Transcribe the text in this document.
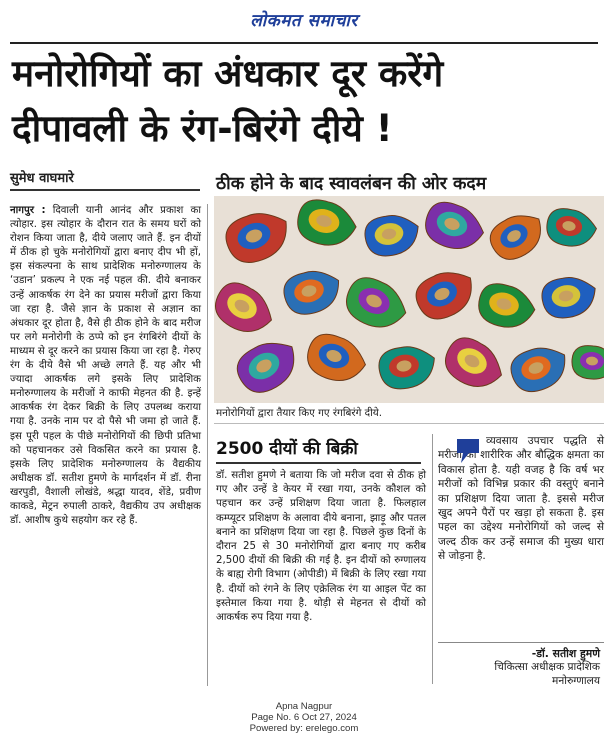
लोकमत समाचार
मनोरोगियों का अंधकार दूर करेंगे
दीपावली के रंग-बिरंगे दीये !
सुमेध वाघमारे
नागपुर : दिवाली यानी आनंद और प्रकाश का त्योहार. इस त्योहार के दौरान रात के समय घरों को रोशन किया जाता है, दीये जलाए जाते हैं. इन दीयों में ठीक हो चुके मनोरोगियों द्वारा बनाए दीप भी हों, इस संकल्पना के साथ प्रादेशिक मनोरुग्णालय के ‘उडान’ प्रकल्प ने एक नई पहल की. दीये बनाकर उन्हें आकर्षक रंग देने का प्रयास मरीजों द्वारा किया जा रहा है. जैसे ज्ञान के प्रकाश से अज्ञान का अंधकार दूर होता है, वैसे ही ठीक होने के बाद मरीज पर लगे मनोरोगी के ठप्पे को इन रंगबिरंगे दीयों के माध्यम से दूर करने का प्रयास किया जा रहा है. गेरुए रंग के दीये वैसे भी अच्छे लगते हैं. यह और भी ज्यादा आकर्षक लगे इसके लिए प्रादेशिक मनोरुग्णालय के मरीजों ने काफी मेहनत की है. इन्हें आकर्षक रंग देकर बिक्री के लिए उपलब्ध कराया गया है. उनके नाम पर दो पैसे भी जमा हो जाते हैं. इस पूरी पहल के पीछे मनोरोगियों की छिपी प्रतिभा को पहचानकर उसे विकसित करने का प्रयास है. इसके लिए प्रादेशिक मनोरुग्णालय के वैद्यकीय अधीक्षक डॉ. सतीश हुमणे के मार्गदर्शन में डॉ. रीना खरपुडी, वैशाली लोखंडे, श्रद्धा यादव, शेंडे, प्रवीण काकडे, मेट्रन रुपाली ठाकरे, वैद्यकीय उप अधीक्षक डॉ. आशीष कुथे सहयोग कर रहे हैं.
ठीक होने के बाद स्वावलंबन की ओर कदम
मनोरोगियों द्वारा तैयार किए गए रंगबिरंगे दीये.
2500 दीयों की बिक्री
डॉ. सतीश हुमणे ने बताया कि जो मरीज दवा से ठीक हो गए और उन्हें डे केयर में रखा गया, उनके कौशल को पहचान कर उन्हें प्रशिक्षण दिया जाता है. फिलहाल कम्प्यूटर प्रशिक्षण के अलावा दीये बनाना, झाड़ू और पतल बनाने का प्रशिक्षण दिया जा रहा है. पिछले कुछ दिनों के दौरान 25 से 30 मनोरोगियों द्वारा बनाए गए करीब 2,500 दीयों की बिक्री की गई है. इन दीयों को रुग्णालय के बाह्य रोगी विभाग (ओपीडी) में बिक्री के लिए रखा गया है. दीयों को रंगने के लिए एक्रेलिक रंग या आइल पेंट का इस्तेमाल किया गया है. थोड़ी से मेहनत से दीयों को आकर्षक रुप दिया गया है.
व्यवसाय उपचार पद्धति से मरीजों की शारीरिक और बौद्धिक क्षमता का विकास होता है. यही वजह है कि वर्ष भर मरीजों को विभिन्न प्रकार की वस्तुएं बनाने का प्रशिक्षण दिया जाता है. इससे मरीज खुद अपने पैरों पर खड़ा हो सकता है. इस पहल का उद्देश्य मनोरोगियों को जल्द से जल्द ठीक कर उन्हें समाज की मुख्य धारा से जोड़ना है.
-डॉ. सतीश हुमणे
चिकित्सा अधीक्षक प्रादेशिक
मनोरुग्णालय
Apna Nagpur
Page No. 6 Oct 27, 2024
Powered by: erelego.com
